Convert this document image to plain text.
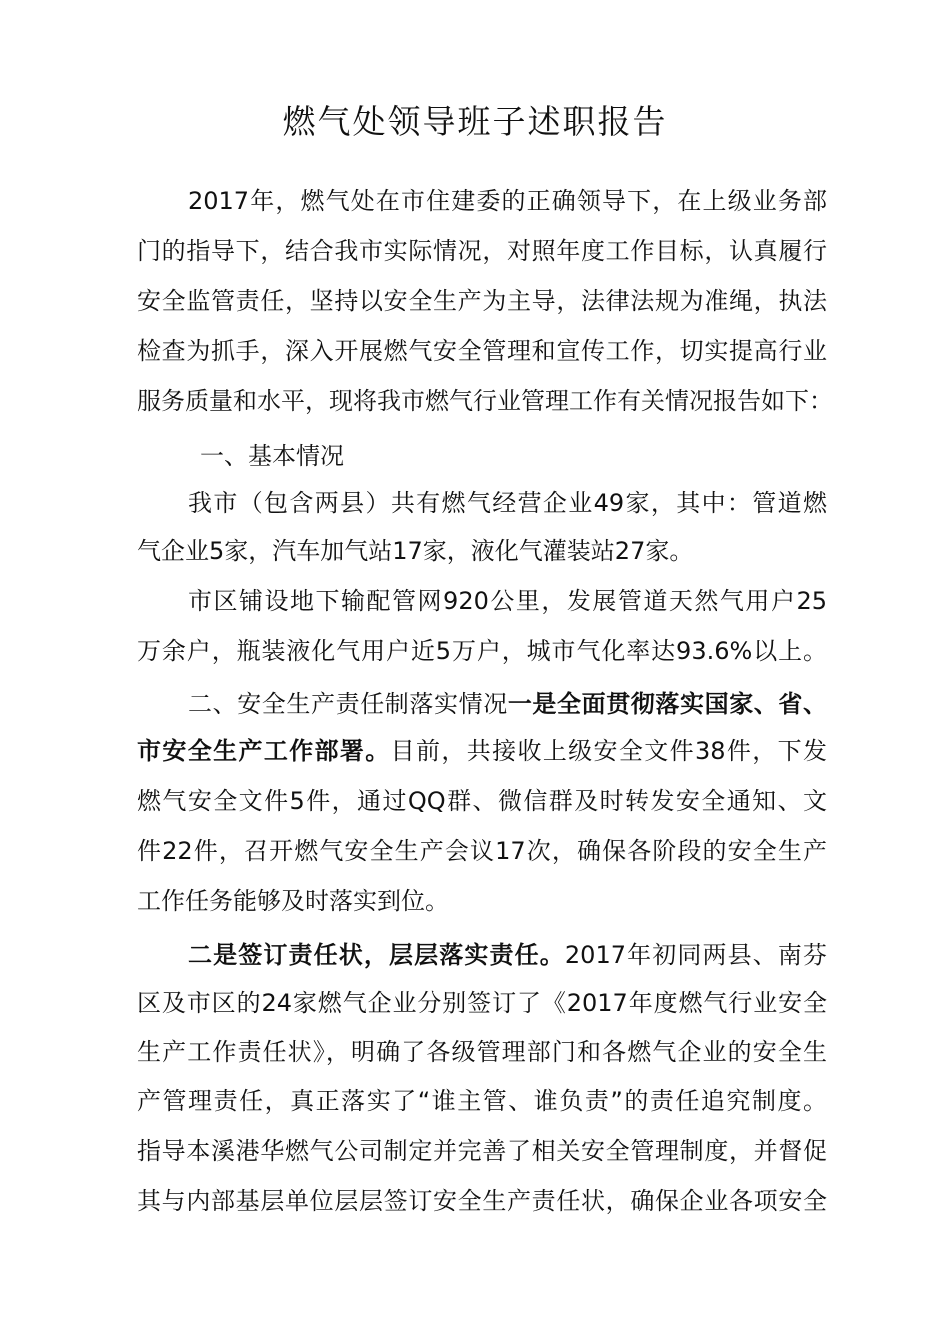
燃气处领导班子述职报告
2017年，燃气处在市住建委的正确领导下，在上级业务部
门的指导下，结合我市实际情况，对照年度工作目标，认真履行
安全监管责任，坚持以安全生产为主导，法律法规为准绳，执法
检查为抓手，深入开展燃气安全管理和宣传工作，切实提高行业
服务质量和水平，现将我市燃气行业管理工作有关情况报告如下：
一、基本情况
我市（包含两县）共有燃气经营企业49家，其中：管道燃
气企业5家，汽车加气站17家，液化气灌装站27家。
市区铺设地下输配管网920公里，发展管道天然气用户25
万余户，瓶装液化气用户近5万户，城市气化率达93.6%以上。
二、安全生产责任制落实情况一是全面贯彻落实国家、省、
市安全生产工作部署。目前，共接收上级安全文件38件，下发
燃气安全文件5件，通过QQ群、微信群及时转发安全通知、文
件22件，召开燃气安全生产会议17次，确保各阶段的安全生产
工作任务能够及时落实到位。
二是签订责任状，层层落实责任。2017年初同两县、南芬
区及市区的24家燃气企业分别签订了《2017年度燃气行业安全
生产工作责任状》，明确了各级管理部门和各燃气企业的安全生
产管理责任，真正落实了“谁主管、谁负责”的责任追究制度。
指导本溪港华燃气公司制定并完善了相关安全管理制度，并督促
其与内部基层单位层层签订安全生产责任状，确保企业各项安全
